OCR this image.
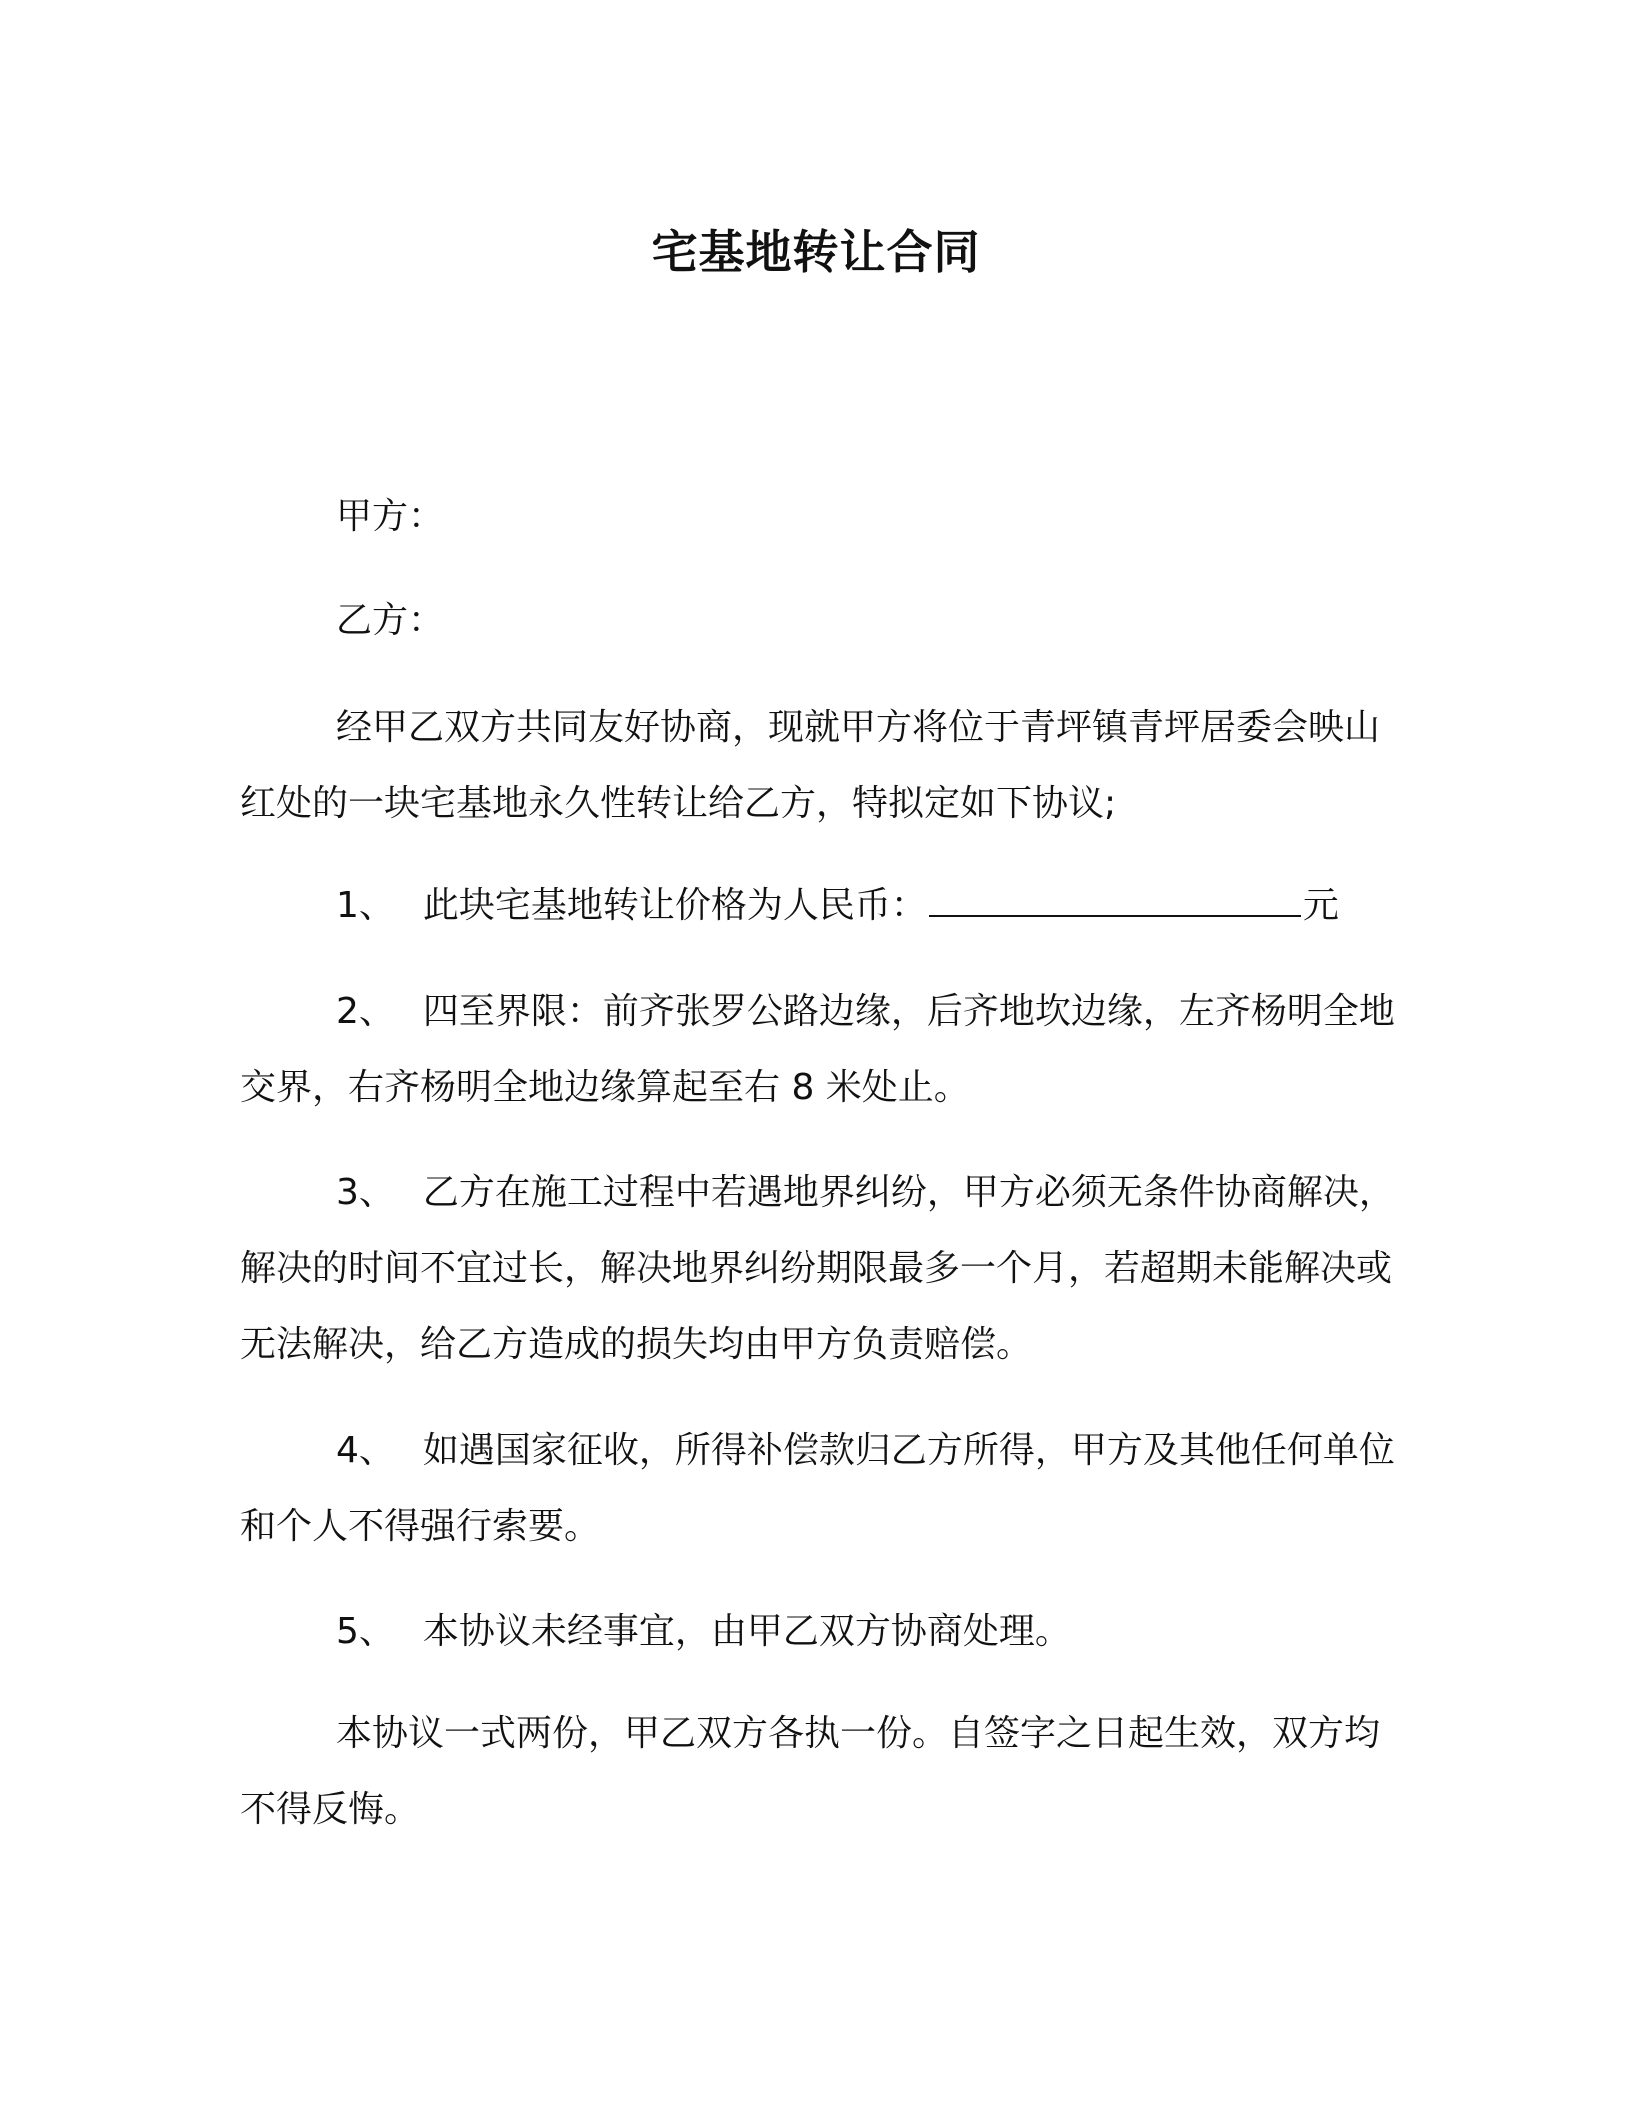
宅基地转让合同
甲方：
乙方：
经甲乙双方共同友好协商，现就甲方将位于青坪镇青坪居委会映山红处的一块宅基地永久性转让给乙方，特拟定如下协议;
1、 此块宅基地转让价格为人民币：	元
2、 四至界限：前齐张罗公路边缘，后齐地坎边缘，左齐杨明全地交界，右齐杨明全地边缘算起至右 8 米处止。
3、 乙方在施工过程中若遇地界纠纷，甲方必须无条件协商解决，解决的时间不宜过长，解决地界纠纷期限最多一个月，若超期未能解决或无法解决，给乙方造成的损失均由甲方负责赔偿。
4、 如遇国家征收，所得补偿款归乙方所得，甲方及其他任何单位和个人不得强行索要。
5、 本协议未经事宜，由甲乙双方协商处理。
本协议一式两份，甲乙双方各执一份。自签字之日起生效，双方均不得反悔。
